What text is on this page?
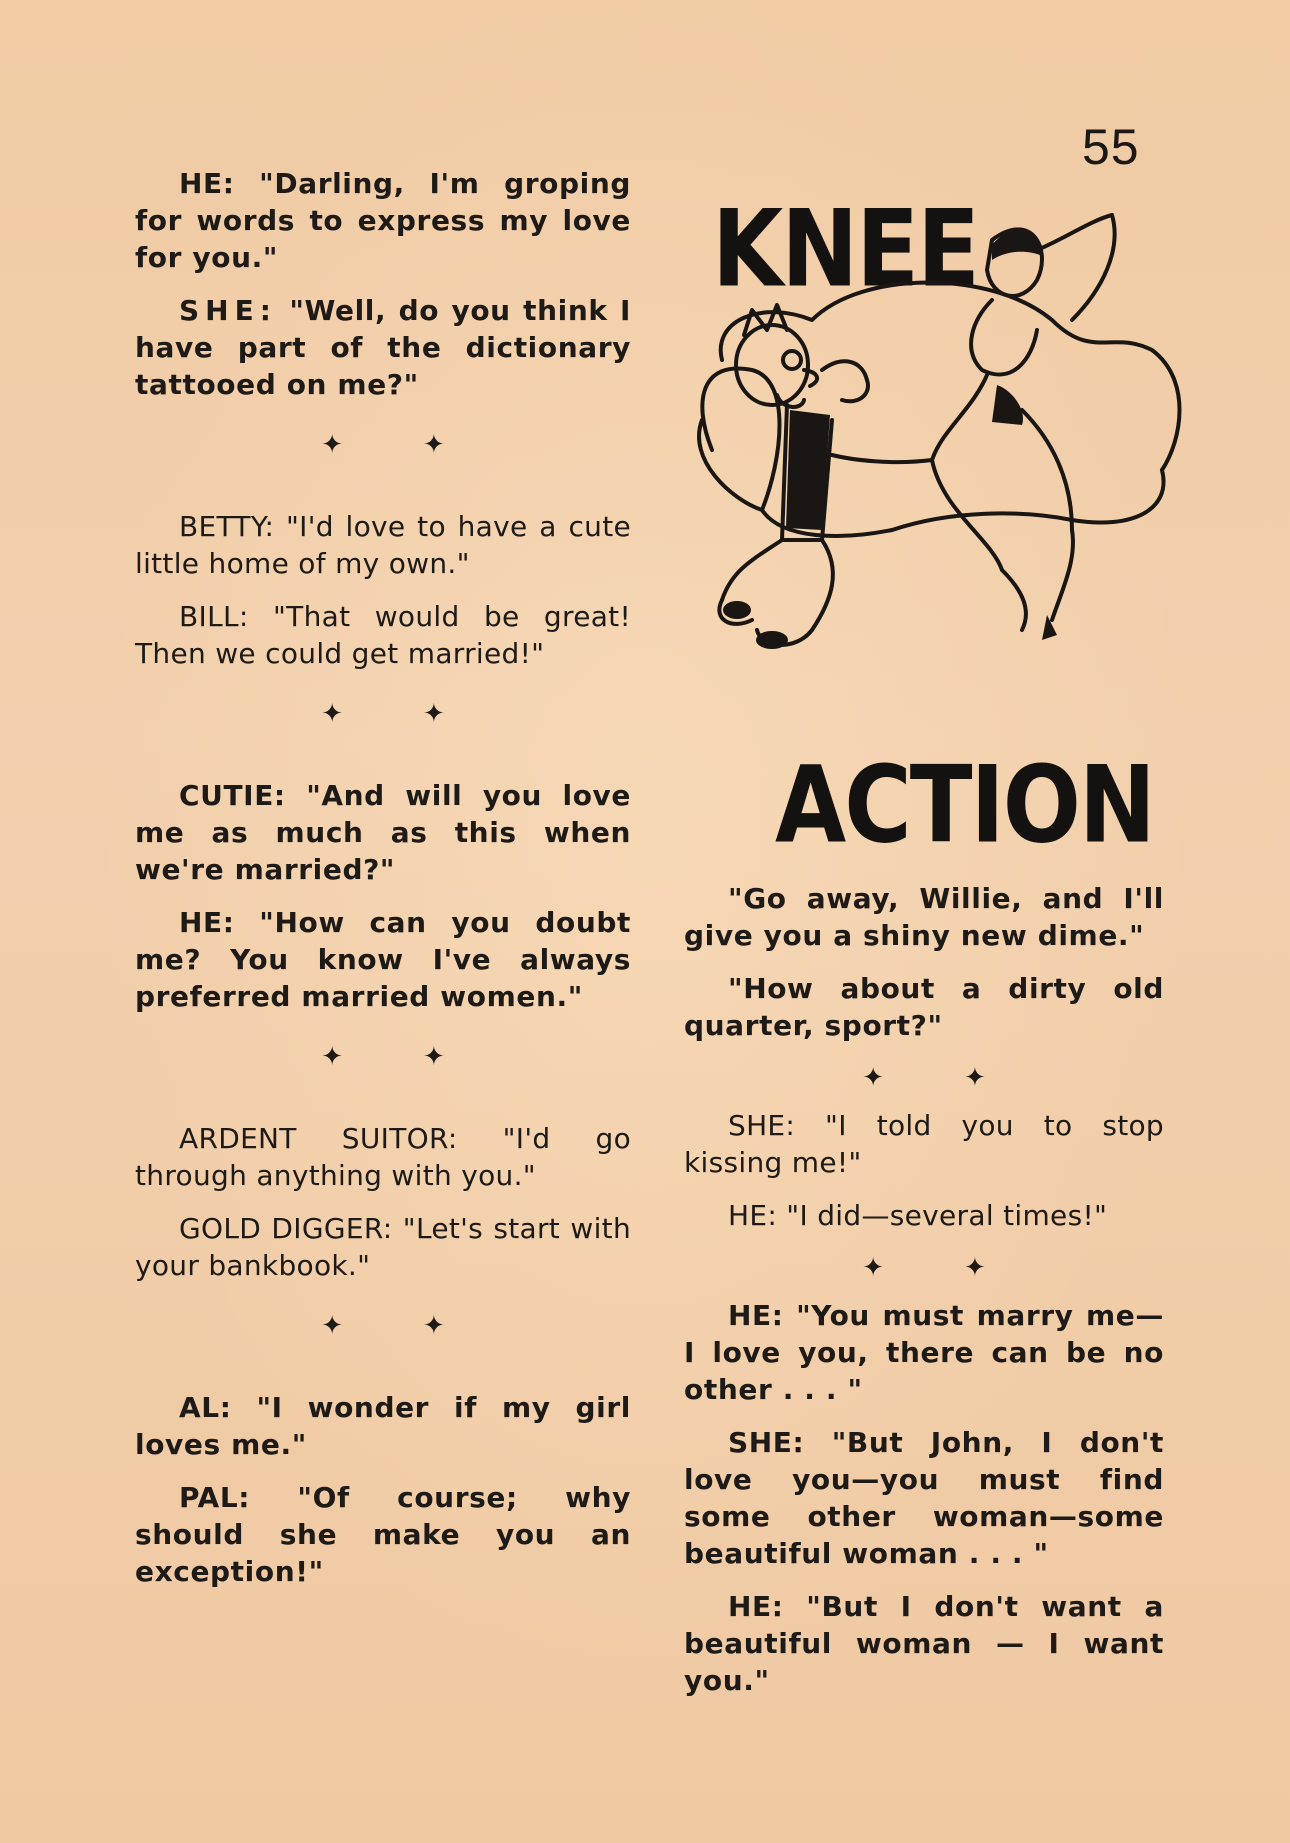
55
KNEE
ACTION

HE: "Darling, I'm groping for words to express my love for you."

SHE: "Well, do you think I have part of the dictionary tattooed on me?"

✦	✦

BETTY: "I'd love to have a cute little home of my own."

BILL: "That would be great! Then we could get married!"

✦	✦

CUTIE: "And will you love me as much as this when we're married?"

HE: "How can you doubt me? You know I've always preferred married women."

✦	✦

ARDENT SUITOR: "I'd go through anything with you."

GOLD DIGGER: "Let's start with your bankbook."

✦	✦

AL: "I wonder if my girl loves me."

PAL: "Of course; why should she make you an exception!"

"Go away, Willie, and I'll give you a shiny new dime."

"How about a dirty old quarter, sport?"

✦	✦

SHE: "I told you to stop kissing me!"

HE: "I did—several times!"

✦	✦

HE: "You must marry me—I love you, there can be no other . . . "

SHE: "But John, I don't love you—you must find some other woman—some beautiful woman . . . "

HE: "But I don't want a beautiful woman — I want you."
